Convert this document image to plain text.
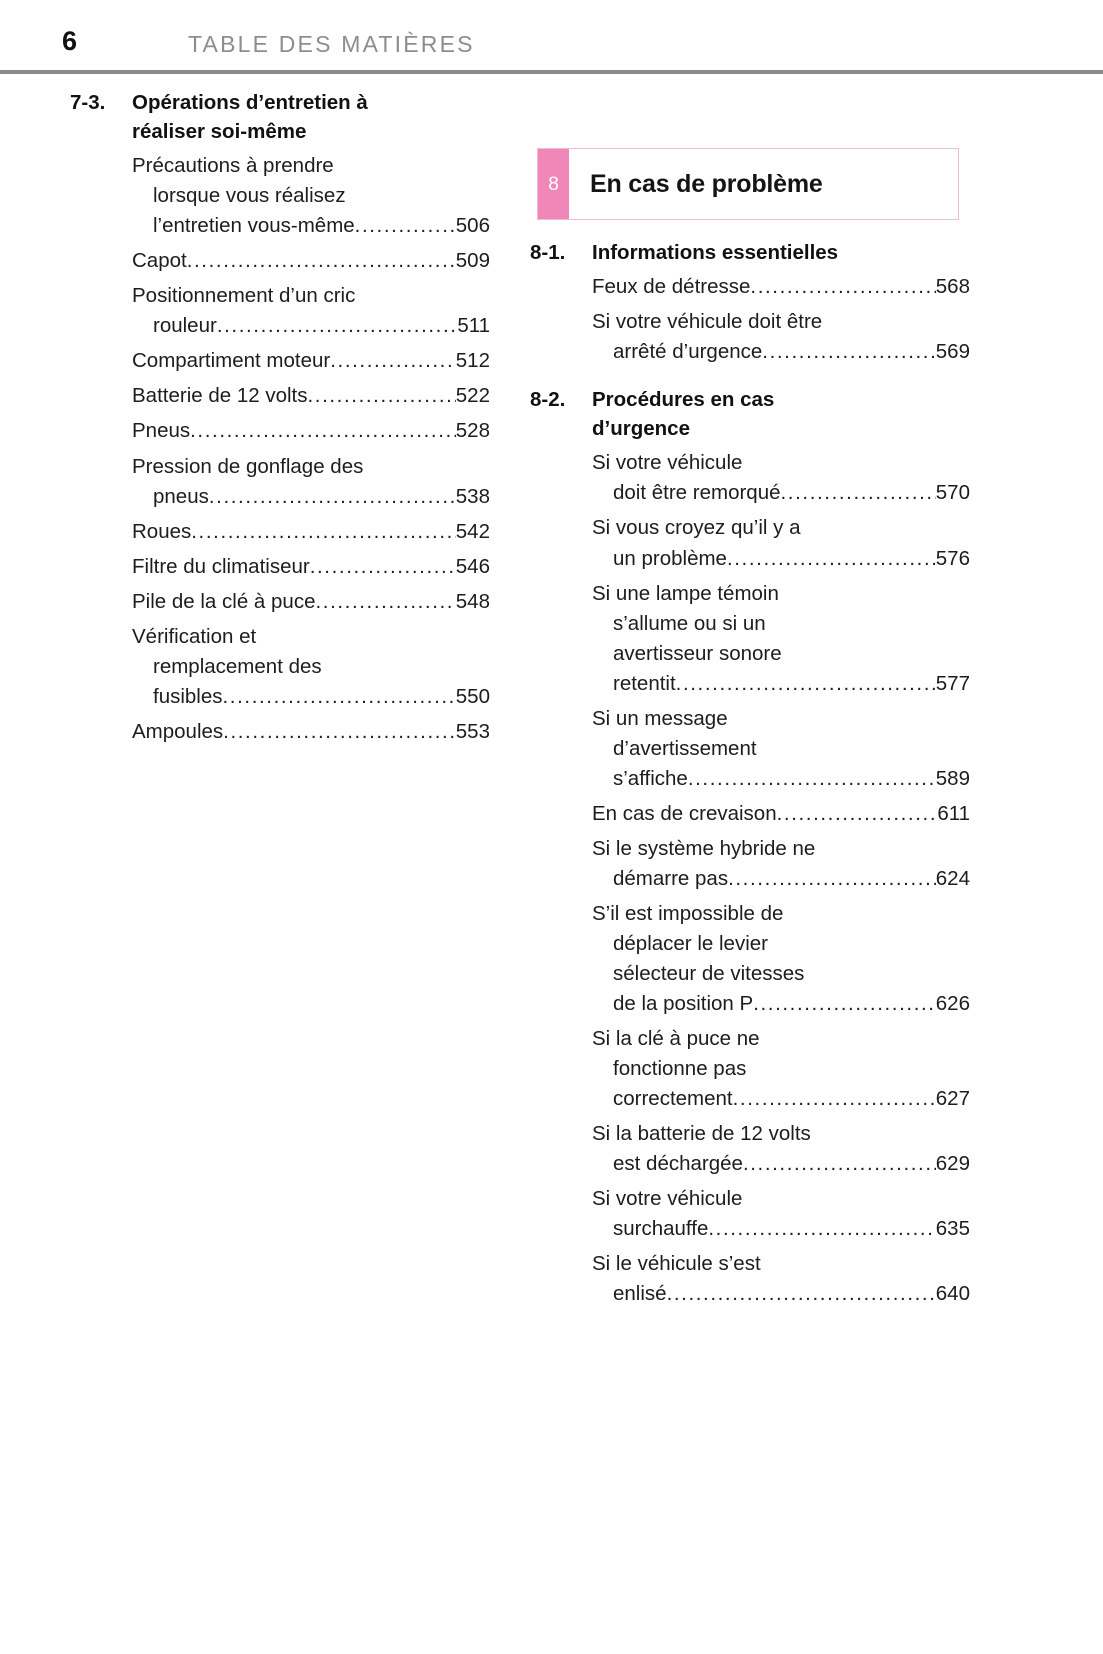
6	TABLE DES MATIÈRES
7-3.	Opérations d’entretien à
réaliser soi-même
Précautions à prendre
lorsque vous réalisez
l’entretien vous-même .....	506
Capot .....	509
Positionnement d’un cric
rouleur .....	511
Compartiment moteur .....	512
Batterie de 12 volts .....	522
Pneus .....	528
Pression de gonflage des
pneus .....	538
Roues .....	542
Filtre du climatiseur .....	546
Pile de la clé à puce .....	548
Vérification et
remplacement des
fusibles .....	550
Ampoules .....	553
8	En cas de problème
8-1.	Informations essentielles
Feux de détresse .....	568
Si votre véhicule doit être
arrêté d’urgence .....	569
8-2.	Procédures en cas
d’urgence
Si votre véhicule
doit être remorqué .....	570
Si vous croyez qu’il y a
un problème .....	576
Si une lampe témoin
s’allume ou si un
avertisseur sonore
retentit .....	577
Si un message
d’avertissement
s’affiche .....	589
En cas de crevaison .....	611
Si le système hybride ne
démarre pas .....	624
S’il est impossible de
déplacer le levier
sélecteur de vitesses
de la position P .....	626
Si la clé à puce ne
fonctionne pas
correctement .....	627
Si la batterie de 12 volts
est déchargée .....	629
Si votre véhicule
surchauffe .....	635
Si le véhicule s’est
enlisé .....	640
